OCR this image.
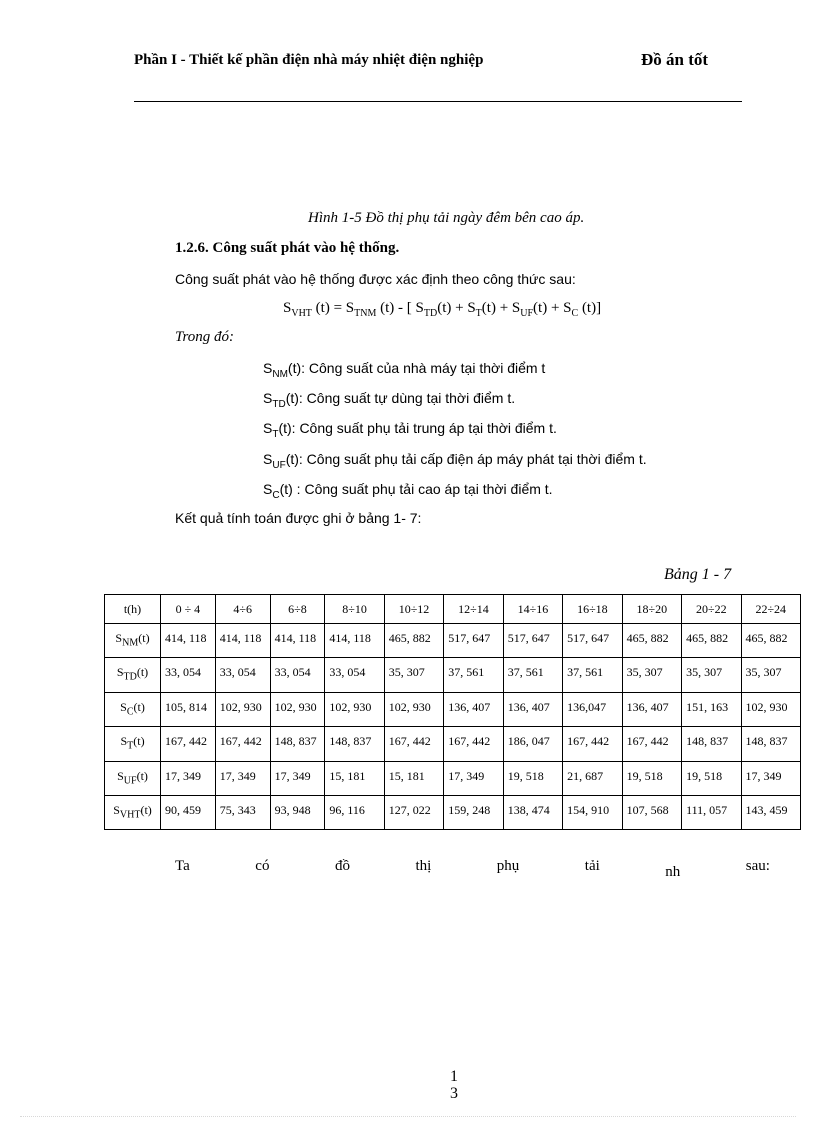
Phần I - Thiết kế phần điện nhà máy nhiệt điện nghiệp	Đồ án tốt
Hình 1-5 Đồ thị phụ tải ngày đêm bên cao áp.
1.2.6. Công suất phát vào hệ thống.
Công suất phát vào hệ thống được xác định theo công thức sau:
$S_{VHT}$ $(t) = S_{TNM}$ (t) - [ $S_{TD}(t) + S_T(t) + S_{UF}(t) + S_C$ (t)]
Trong đó:
$S_{NM}(t)$: Công suất của nhà máy tại thời điểm t
$S_{TD}(t)$: Công suất tự dùng tại thời điểm t.
$S_T(t)$: Công suất phụ tải trung áp tại thời điểm t.
$S_{UF}(t)$: Công suất phụ tải cấp điện áp máy phát tại thời điểm t.
$S_C(t)$ : Công suất phụ tải cao áp tại thời điểm t.
Kết quả tính toán được ghi ở bảng 1- 7:
Bảng 1 - 7
t(h)	0 ÷ 4	4÷6	6÷8	8÷10	10÷12	12÷14	14÷16	16÷18	18÷20	20÷22	22÷24
$S_{NM}(t)$	414, 118	414, 118	414, 118	414, 118	465, 882	517, 647	517, 647	517, 647	465, 882	465, 882	465, 882
$S_{TD}(t)$	33, 054	33, 054	33, 054	33, 054	35, 307	37, 561	37, 561	37, 561	35, 307	35, 307	35, 307
$S_C(t)$	105, 814	102, 930	102, 930	102, 930	102, 930	136, 407	136, 407	136,047	136, 407	151, 163	102, 930
$S_T(t)$	167, 442	167, 442	148, 837	148, 837	167, 442	167, 442	186, 047	167, 442	167, 442	148, 837	148, 837
$S_{UF}(t)$	17, 349	17, 349	17, 349	15, 181	15, 181	17, 349	19, 518	21, 687	19, 518	19, 518	17, 349
$S_{VHT}(t)$	90, 459	75, 343	93, 948	96, 116	127, 022	159, 248	138, 474	154, 910	107, 568	111, 057	143, 459
Ta	có	đồ	thị	phụ	tải	nh	sau:
1
3
